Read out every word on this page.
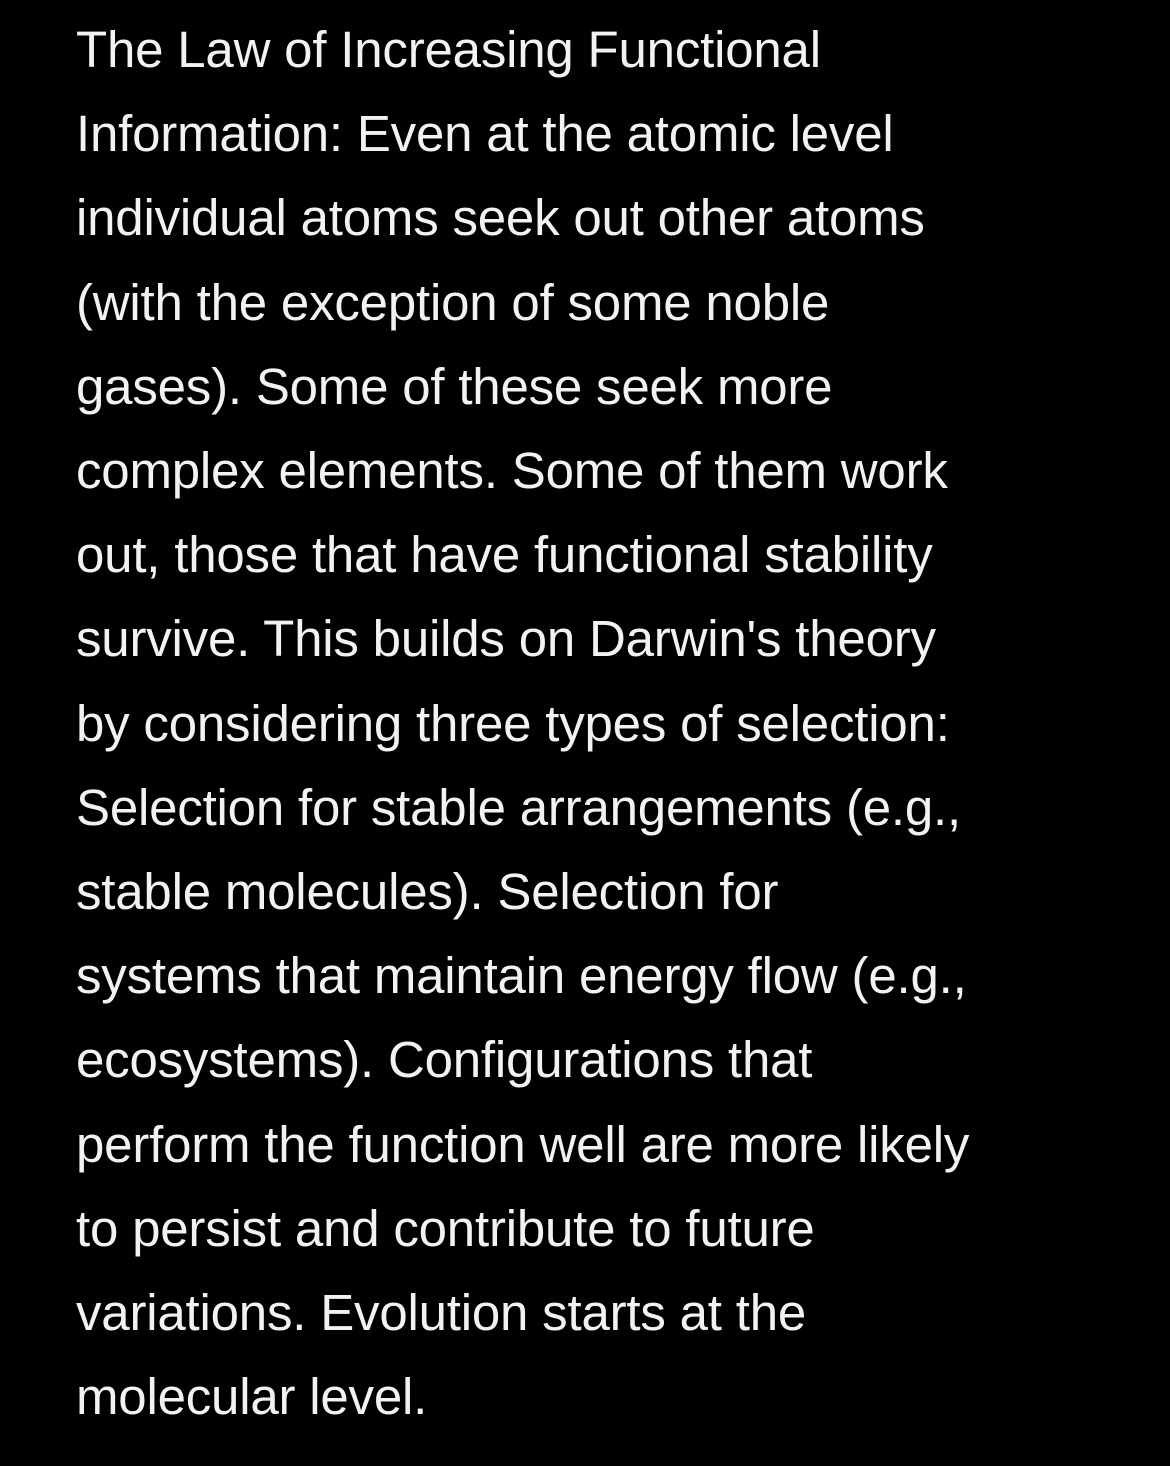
The Law of Increasing Functional
Information: Even at the atomic level
individual atoms seek out other atoms
(with the exception of some noble
gases). Some of these seek more
complex elements. Some of them work
out, those that have functional stability
survive. This builds on Darwin's theory
by considering three types of selection:
Selection for stable arrangements (e.g.,
stable molecules). Selection for
systems that maintain energy flow (e.g.,
ecosystems). Configurations that
perform the function well are more likely
to persist and contribute to future
variations. Evolution starts at the
molecular level.
